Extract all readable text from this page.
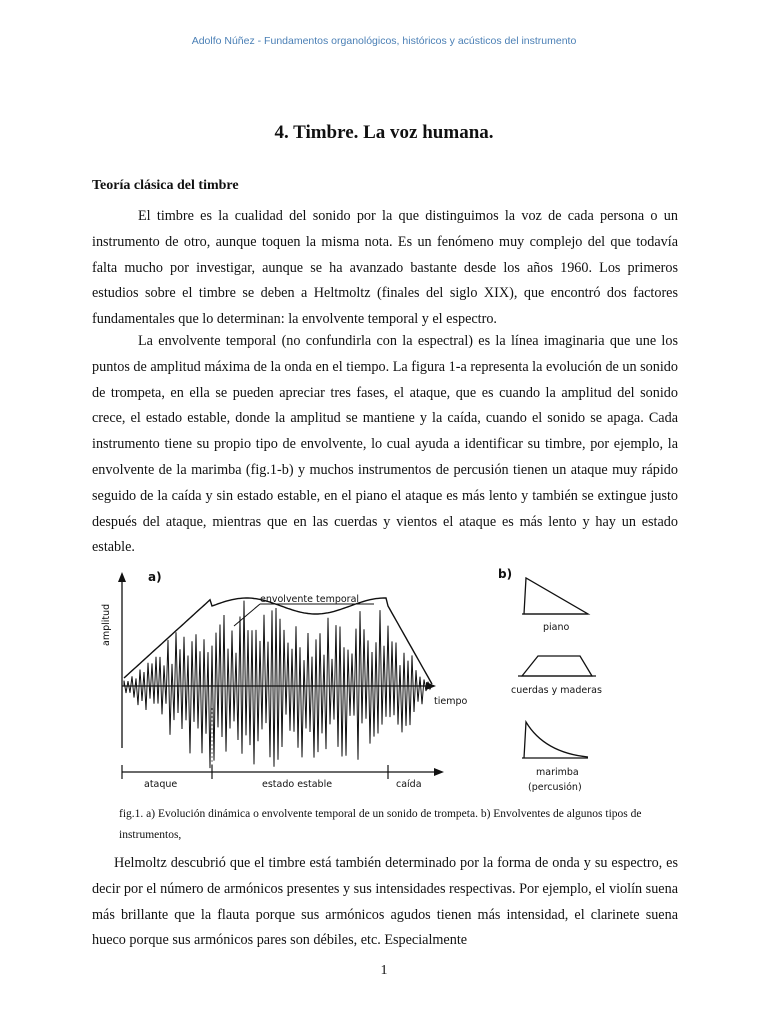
Adolfo Núñez - Fundamentos organológicos, históricos y acústicos del instrumento
4. Timbre. La voz humana.
Teoría clásica del timbre

El timbre es la cualidad del sonido por la que distinguimos la voz de cada persona o un instrumento de otro, aunque toquen la misma nota. Es un fenómeno muy complejo del que todavía falta mucho por investigar, aunque se ha avanzado bastante desde los años 1960. Los primeros estudios sobre el timbre se deben a Heltmoltz (finales del siglo XIX), que encontró dos factores fundamentales que lo determinan: la envolvente temporal y el espectro.

La envolvente temporal (no confundirla con la espectral) es la línea imaginaria que une los puntos de amplitud máxima de la onda en el tiempo. La figura 1-a representa la evolución de un sonido de trompeta, en ella se pueden apreciar tres fases, el ataque, que es cuando la amplitud del sonido crece, el estado estable, donde la amplitud se mantiene y la caída, cuando el sonido se apaga. Cada instrumento tiene su propio tipo de envolvente, lo cual ayuda a identificar su timbre, por ejemplo, la envolvente de la marimba (fig.1-b) y muchos instrumentos de percusión tienen un ataque muy rápido seguido de la caída y sin estado estable, en el piano el ataque es más lento y también se extingue justo después del ataque, mientras que en las cuerdas y vientos el ataque es más lento y hay un estado estable.

a)
amplitud
tiempo
envolvente temporal
ataque	estado estable	caída
b)
piano
cuerdas y maderas
marimba
(percusión)

fig.1. a) Evolución dinámica o envolvente temporal de un sonido de trompeta. b) Envolventes de algunos tipos de instrumentos,

Helmoltz descubrió que el timbre está también determinado por la forma de onda y su espectro, es decir por el número de armónicos presentes y sus intensidades respectivas. Por ejemplo, el violín suena más brillante que la flauta porque sus armónicos agudos tienen más intensidad, el clarinete suena hueco porque sus armónicos pares son débiles, etc. Especialmente

1
